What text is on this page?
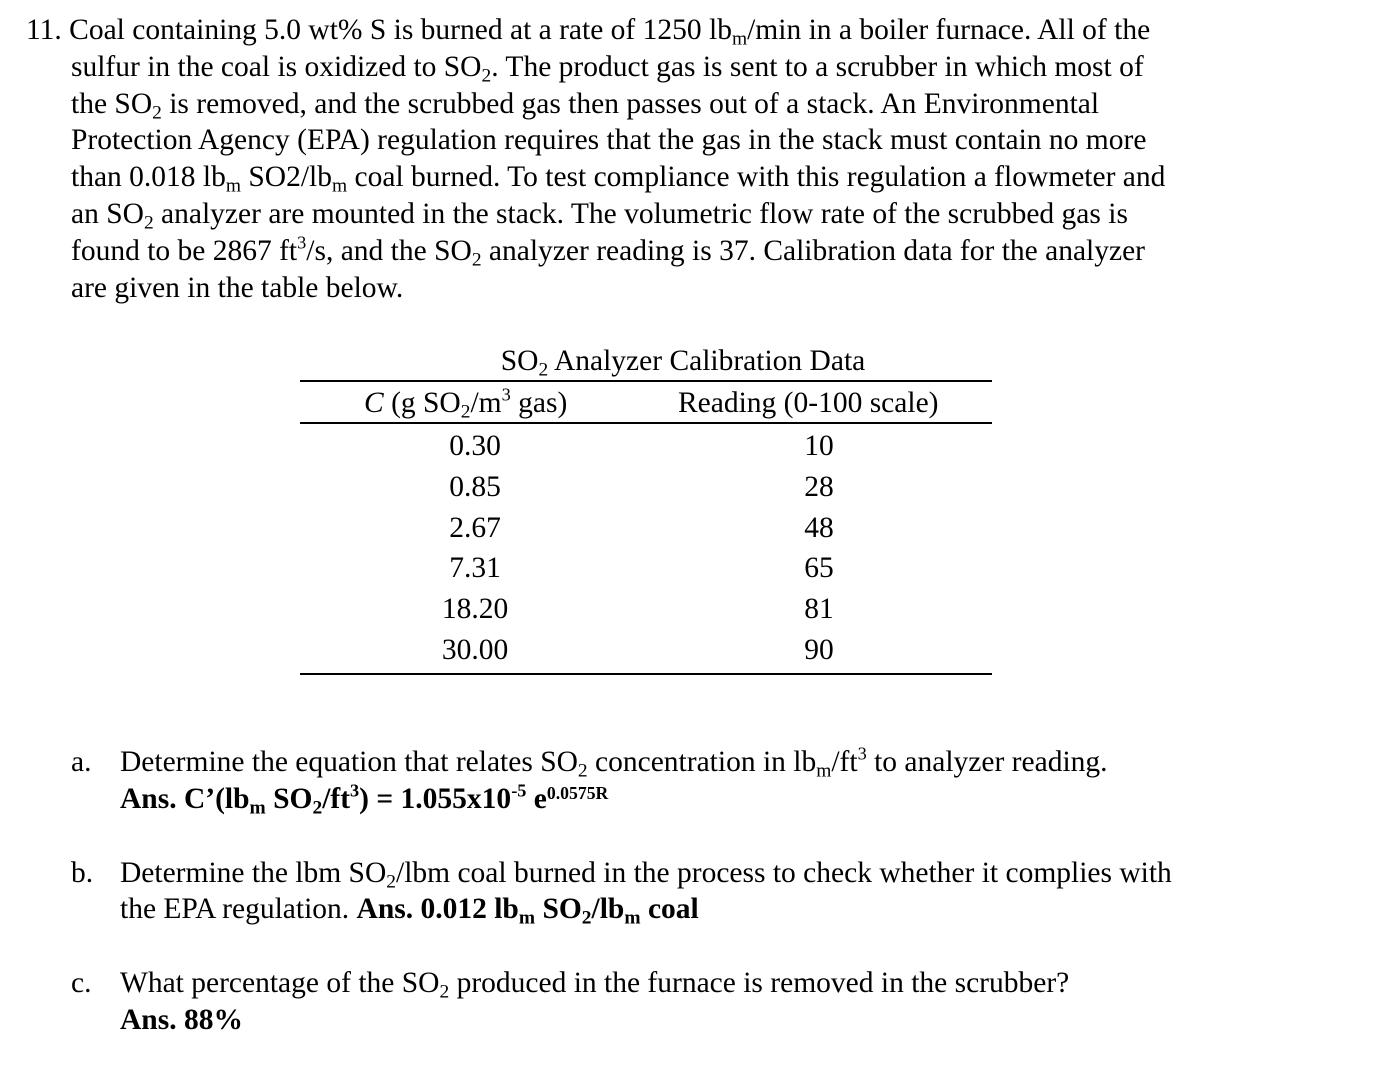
11. Coal containing 5.0 wt% S is burned at a rate of 1250 $lb_m/\min$ in a boiler furnace. All of the
sulfur in the coal is oxidized to $SO_2$. The product gas is sent to a scrubber in which most of
the $SO_2$ is removed, and the scrubbed gas then passes out of a stack. An Environmental
Protection Agency (EPA) regulation requires that the gas in the stack must contain no more
than 0.018 $lb_m$ $SO2/lb_m$ coal burned. To test compliance with this regulation a flowmeter and
an $SO_2$ analyzer are mounted in the stack. The volumetric flow rate of the scrubbed gas is
found to be 2867 $ft^3/s$, and the $SO_2$ analyzer reading is 37. Calibration data for the analyzer
are given in the table below.
$SO_2$ Analyzer Calibration Data
C (g $SO_2/m^3$ gas)	Reading (0-100 scale)
0.30	10
0.85	28
2.67	48
7.31	65
18.20	81
30.00	90
a. Determine the equation that relates $SO_2$ concentration in $lb_m/ft^3$ to analyzer reading.
Ans. $C’(lb_m$ $SO_2/ft^3) = 1.055x10^{-5}$ $e^{0.0575R}$
b. Determine the lbm $SO_2$/lbm coal burned in the process to check whether it complies with
the EPA regulation. Ans. 0.012 $lb_m$ $SO_2/lb_m$ coal
c. What percentage of the $SO_2$ produced in the furnace is removed in the scrubber?
Ans. 88%
